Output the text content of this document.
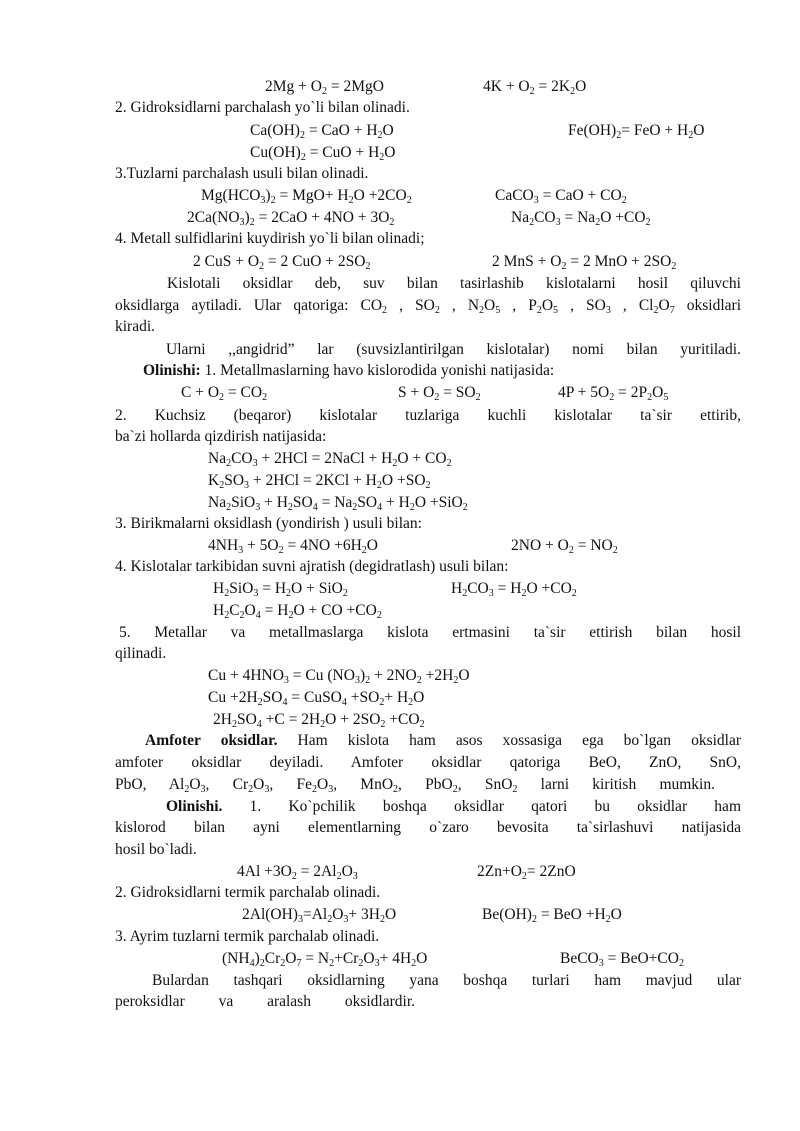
$2Mg + O_2 = 2MgO$	$4K + O_2 = 2K_2O$
2. Gidroksidlarni parchalash yo`li bilan olinadi.
$Ca(OH)_2$ = CaO + $H_2O$	$Fe(OH)_2=$ FeO + $H_2O$
$Cu(OH)_2$ = CuO + $H_2O$
3.Tuzlarni parchalash usuli bilan olinadi.
$Mg(HCO_3)_2 = MgO+ H_2O +2CO_2$	CaCO$_3$ = CaO + $CO_2$
$2Ca(NO_3)_2 = 2CaO + 4NO + 3O_2$	$Na_2CO_3 = Na_2O +CO_2$
4. Metall sulfidlarini kuydirish yo`li bilan olinadi;
2 CuS + $O_2 = 2$ CuO + $2SO_2$	2 MnS + $O_2 = 2$ MnO + $2SO_2$
Kislotali oksidlar deb, suv bilan tasirlashib kislotalarni hosil qiluvchi
oksidlarga aytiladi. Ular qatoriga: $CO_2$ , $SO_2$ , $N_2O_5$ , $P_2O_5$ , $SO_3$ , $Cl_2O_7$ oksidlari
kiradi.
Ularni ,,angidrid” lar (suvsizlantirilgan kislotalar) nomi bilan yuritiladi.
Olinishi: 1. Metallmaslarning havo kislorodida yonishi natijasida:
$C + O_2 = CO_2$	$S + O_2 = SO_2$	$4P + 5O_2 = 2P_2O_5$
2. Kuchsiz (beqaror) kislotalar tuzlariga kuchli kislotalar ta`sir ettirib,
ba`zi hollarda qizdirish natijasida:
$Na_2CO_3 + 2HCl$ = 2NaCl + $H_2O + CO_2$
$K_2SO_3 + 2HCl = 2KCl + H_2O +SO_2$
$Na_2SiO_3 + H_2SO_4 = Na_2SO_4 + H_2O +SiO_2$
3. Birikmalarni oksidlash (yondirish ) usuli bilan:
$4NH_3 + 5O_2 = 4NO +6H_2O$	$2NO + O_2 = NO_2$
4. Kislotalar tarkibidan suvni ajratish (degidratlash) usuli bilan:
$H_2SiO_3 = H_2O + SiO_2$	$H_2CO_3 = H_2O +CO_2$
$H_2C_2O_4 = H_2O$ + CO $+CO_2$
5. Metallar va metallmaslarga kislota ertmasini ta`sir ettirish bilan hosil
qilinadi.
$Cu + 4HNO_3 = Cu$ $(NO_3)_2 + 2NO_2 +2H_2O$
$Cu +2H_2SO_4$ = CuSO$_4$ $+SO_2+ H_2O$
$2H_2SO_4 +C = 2H_2O + 2SO_2 +CO_2$
Amfoter oksidlar. Ham kislota ham asos xossasiga ega bo`lgan oksidlar
amfoter oksidlar deyiladi. Amfoter oksidlar qatoriga BeO, ZnO, SnO,
PbO, $Al_2O_3$, $Cr_2O_3$, $Fe_2O_3$, MnO$_2$, PbO$_2$, SnO$_2$ larni kiritish mumkin.
Olinishi. 1. Ko`pchilik boshqa oksidlar qatori bu oksidlar ham
kislorod bilan ayni elementlarning o`zaro bevosita ta`sirlashuvi natijasida
hosil bo`ladi.
$4Al +3O_2 = 2Al_2O_3$	$2Zn+O_2= 2ZnO$
2. Gidroksidlarni termik parchalab olinadi.
$2Al(OH)_3=Al_2O_3+ 3H_2O$	$Be(OH)_2$ = BeO $+H_2O$
3. Ayrim tuzlarni termik parchalab olinadi.
$(NH_4)_2Cr_2O_7 = N_2+Cr_2O_3+ 4H_2O$	BeCO$_3$ = $BeO+CO_2$
Bulardan tashqari oksidlarning yana boshqa turlari ham mavjud ular
peroksidlar va aralash oksidlardir.
